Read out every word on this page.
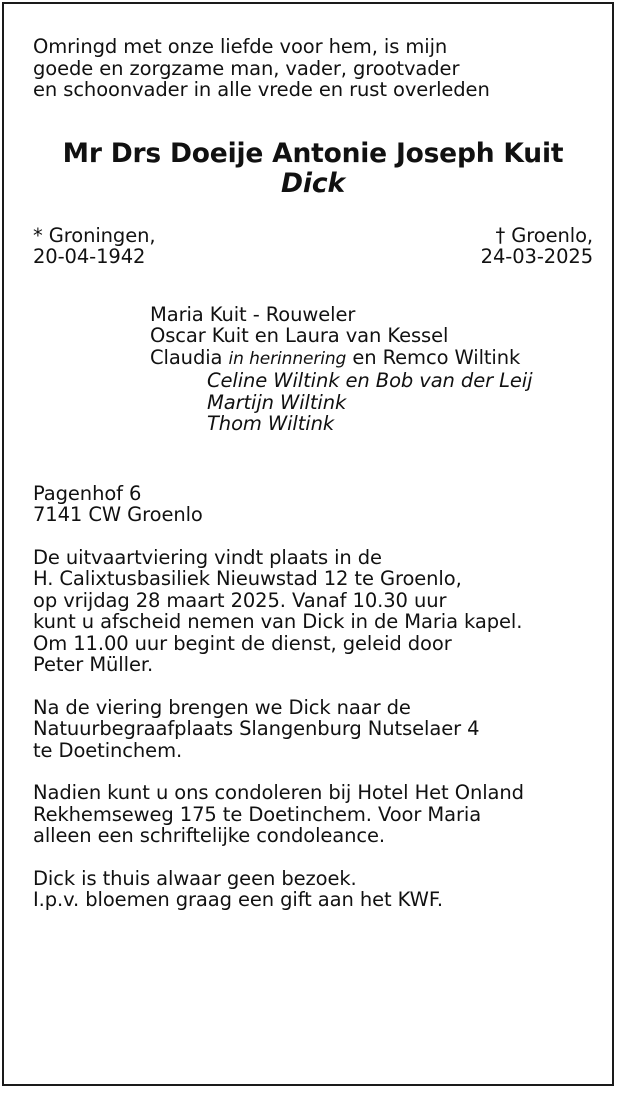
Omringd met onze liefde voor hem, is mijn
goede en zorgzame man, vader, grootvader
en schoonvader in alle vrede en rust overleden
Mr Drs Doeije Antonie Joseph Kuit
Dick
* Groningen,
20-04-1942
† Groenlo,
24-03-2025
Maria Kuit - Rouweler
Oscar Kuit en Laura van Kessel
Claudia in herinnering en Remco Wiltink
Celine Wiltink en Bob van der Leij
Martijn Wiltink
Thom Wiltink
Pagenhof 6
7141 CW Groenlo
De uitvaartviering vindt plaats in de
H. Calixtusbasiliek Nieuwstad 12 te Groenlo,
op vrijdag 28 maart 2025. Vanaf 10.30 uur
kunt u afscheid nemen van Dick in de Maria kapel.
Om 11.00 uur begint de dienst, geleid door
Peter Müller.
Na de viering brengen we Dick naar de
Natuurbegraafplaats Slangenburg Nutselaer 4
te Doetinchem.
Nadien kunt u ons condoleren bij Hotel Het Onland
Rekhemseweg 175 te Doetinchem. Voor Maria
alleen een schriftelijke condoleance.
Dick is thuis alwaar geen bezoek.
I.p.v. bloemen graag een gift aan het KWF.
